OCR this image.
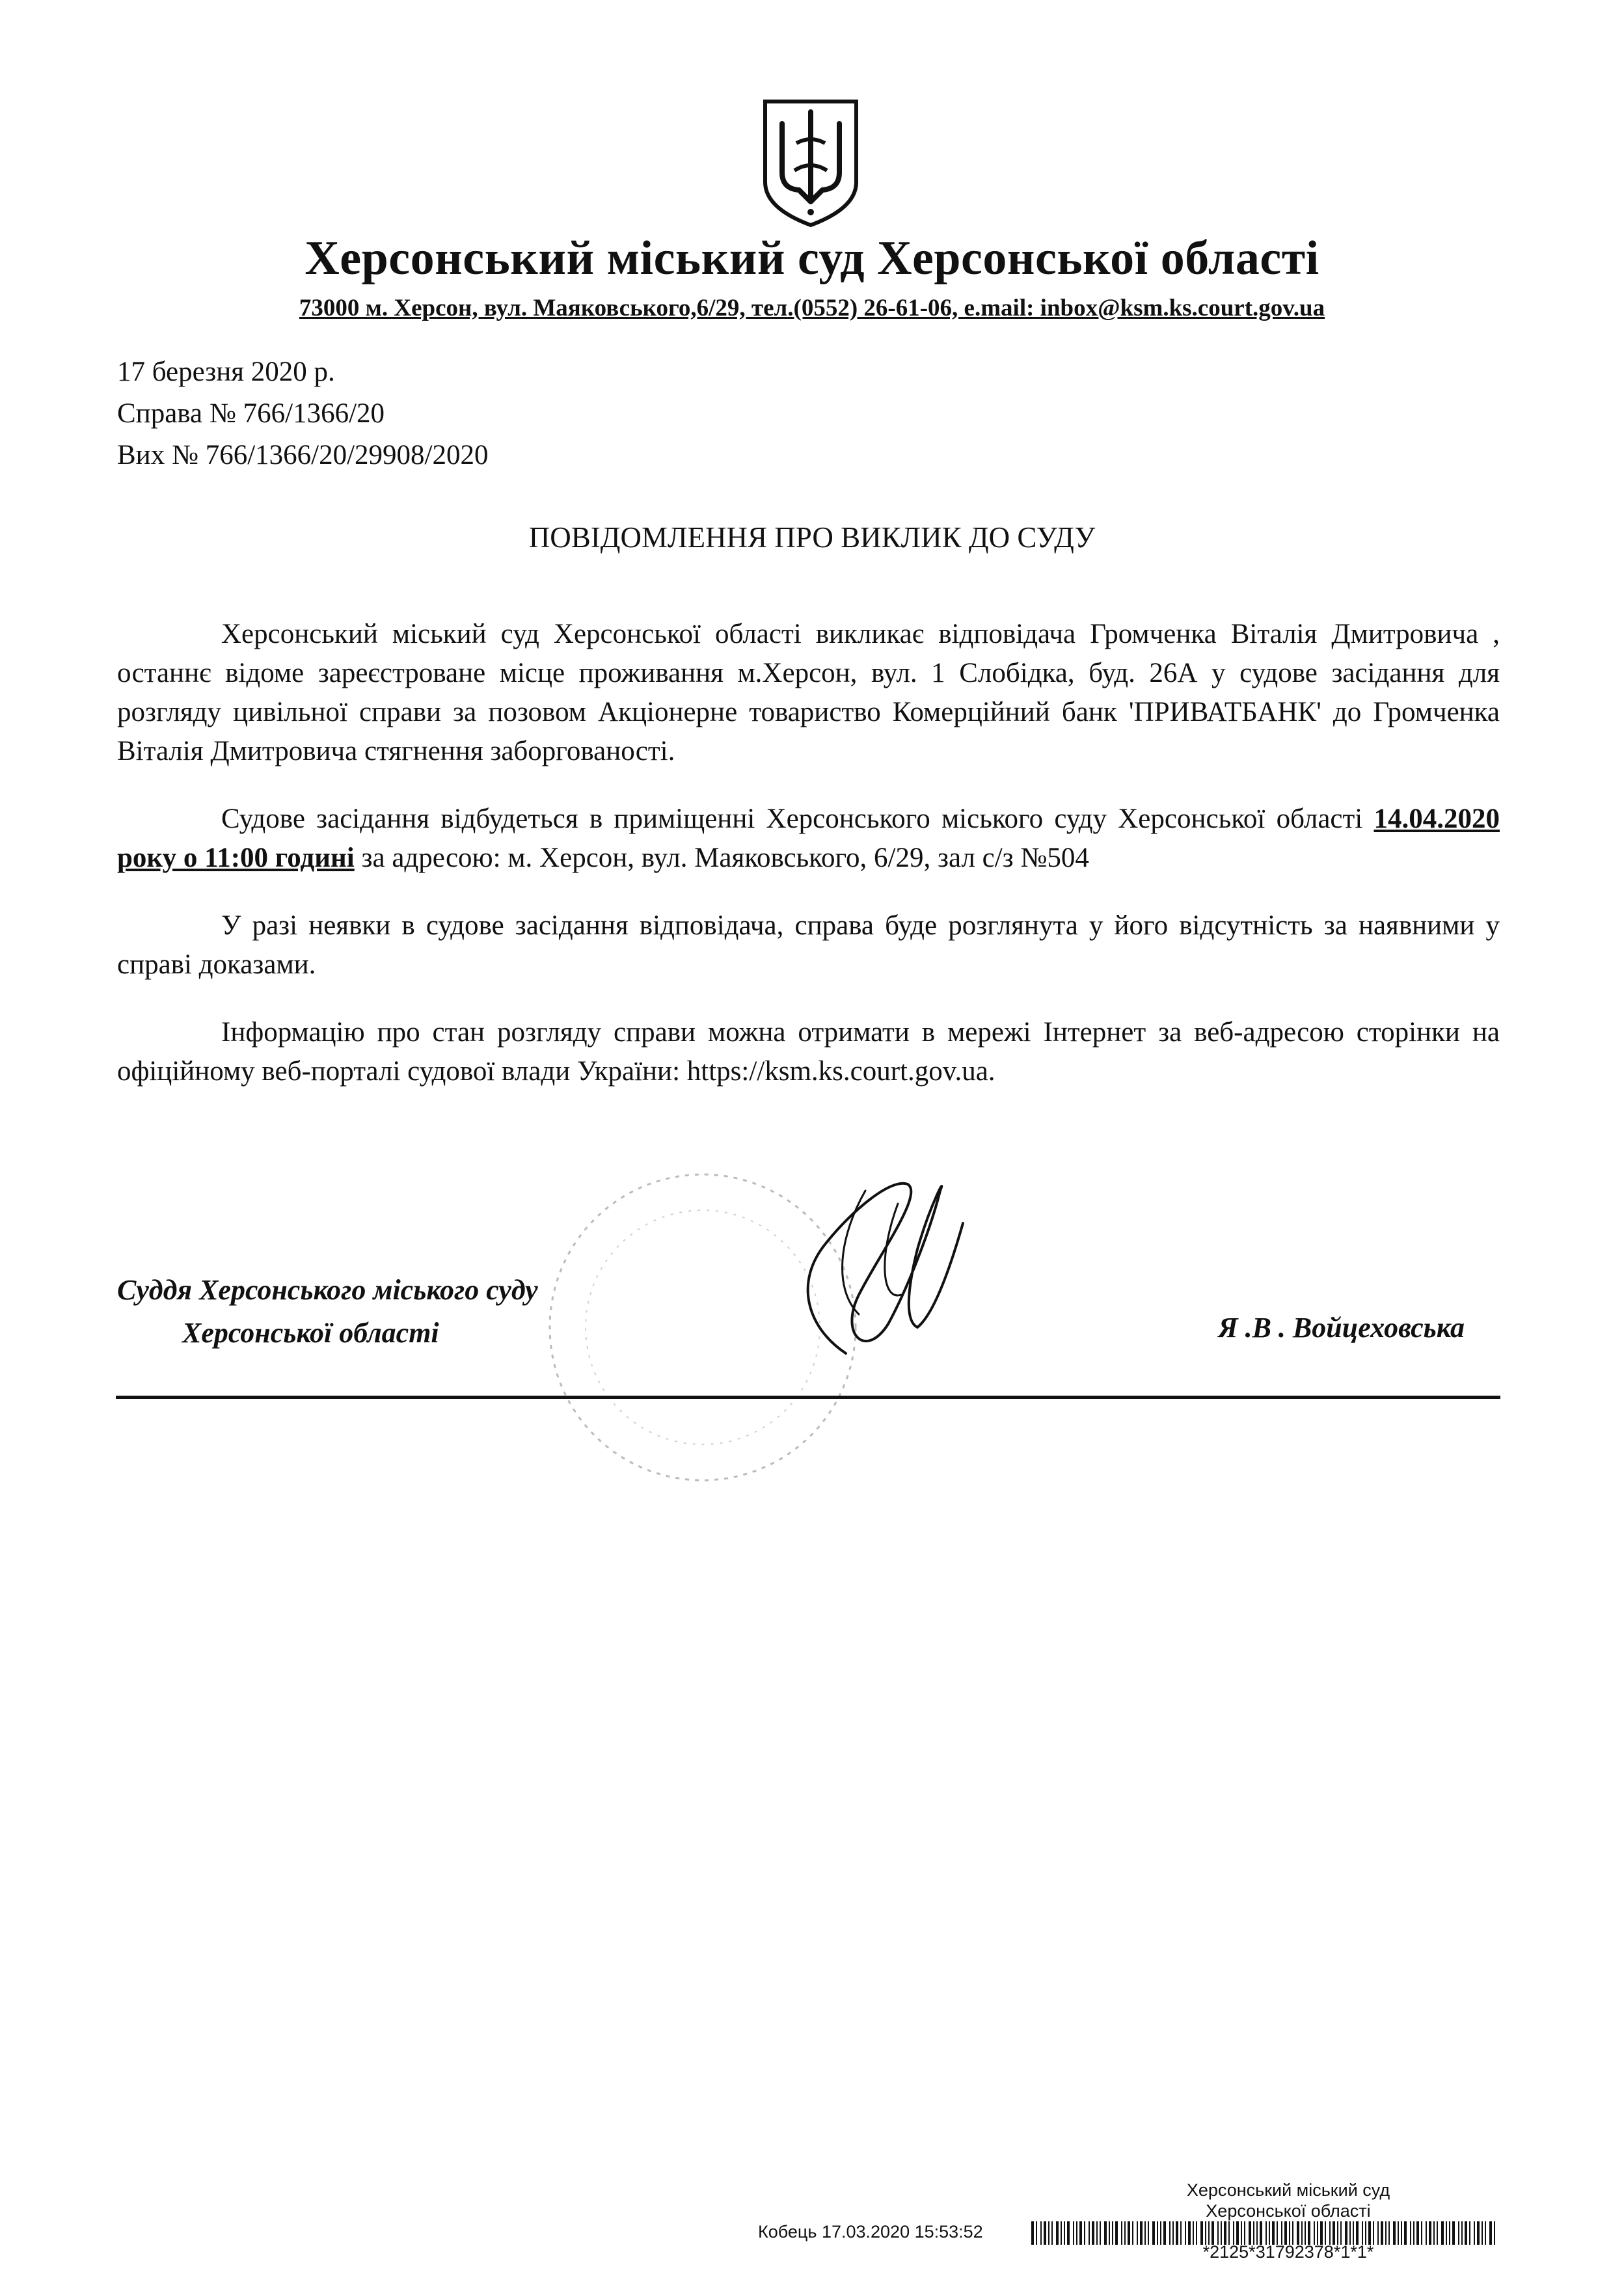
Херсонський міський суд Херсонської області
73000 м. Херсон, вул. Маяковського,6/29, тел.(0552) 26-61-06, e.mail: inbox@ksm.ks.court.gov.ua
17 березня 2020 р.
Справа № 766/1366/20
Вих № 766/1366/20/29908/2020
ПОВІДОМЛЕННЯ ПРО ВИКЛИК ДО СУДУ

Херсонський міський суд Херсонської області викликає відповідача Громченка Віталія Дмитровича , останнє відоме зареєстроване місце проживання м.Херсон, вул. 1 Слобідка, буд. 26А у судове засідання для розгляду цивільної справи за позовом Акціонерне товариство Комерційний банк 'ПРИВАТБАНК' до Громченка Віталія Дмитровича стягнення заборгованості.

Судове засідання відбудеться в приміщенні Херсонського міського суду Херсонської області 14.04.2020 року о 11:00 годині за адресою: м. Херсон, вул. Маяковського, 6/29, зал с/з №504

У разі неявки в судове засідання відповідача, справа буде розглянута у його відсутність за наявними у справі доказами.

Інформацію про стан розгляду справи можна отримати в мережі Інтернет за веб-адресою сторінки на офіційному веб-порталі судової влади України: https://ksm.ks.court.gov.ua.

Суддя Херсонського міського суду
Херсонської області	Я .В . Войцеховська
Херсонський міський суд
Херсонської області
Кобець 17.03.2020 15:53:52
*2125*31792378*1*1*
